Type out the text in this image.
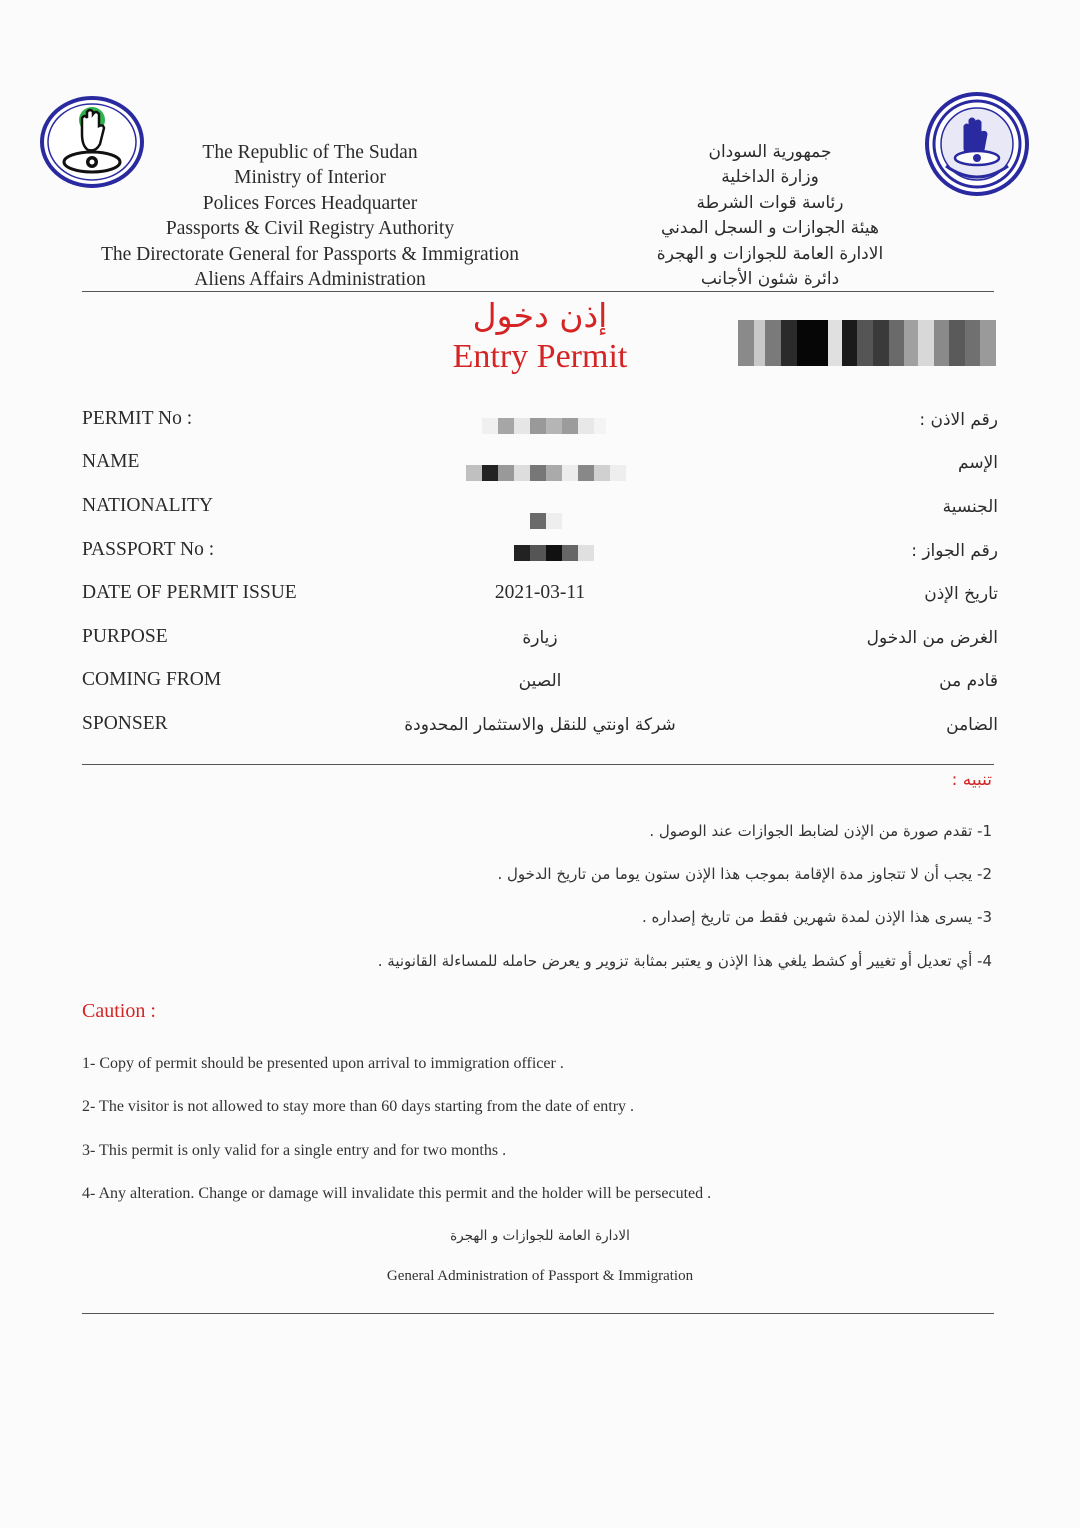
The Republic of The Sudan
Ministry of Interior
Polices Forces Headquarter
Passports & Civil Registry Authority
The Directorate General for Passports & Immigration
Aliens Affairs Administration
جمهورية السودان
وزارة الداخلية
رئاسة قوات الشرطة
هيئة الجوازات و السجل المدني
الادارة العامة للجوازات و الهجرة
دائرة شئون الأجانب
إذن دخول
Entry Permit
PERMIT No :	رقم الاذن :
NAME	الإسم
NATIONALITY	الجنسية
PASSPORT No :	رقم الجواز :
DATE OF PERMIT ISSUE	2021-03-11	تاريخ الإذن
PURPOSE	زيارة	الغرض من الدخول
COMING FROM	الصين	قادم من
SPONSER	شركة اونتي للنقل والاستثمار المحدودة	الضامن
تنبيه :
1- تقدم صورة من الإذن لضابط الجوازات عند الوصول .
2- يجب أن لا تتجاوز مدة الإقامة بموجب هذا الإذن ستون يوما من تاريخ الدخول .
3- يسرى هذا الإذن لمدة شهرين فقط من تاريخ إصداره .
4- أي تعديل أو تغيير أو كشط يلغي هذا الإذن و يعتبر بمثابة تزوير و يعرض حامله للمساءلة القانونية .
Caution :
1- Copy of permit should be presented upon arrival to immigration officer .
2- The visitor is not allowed to stay more than 60 days starting from the date of entry .
3- This permit is only valid for a single entry and for two months .
4- Any alteration. Change or damage will invalidate this permit and the holder will be persecuted .
الادارة العامة للجوازات و الهجرة
General Administration of Passport & Immigration
